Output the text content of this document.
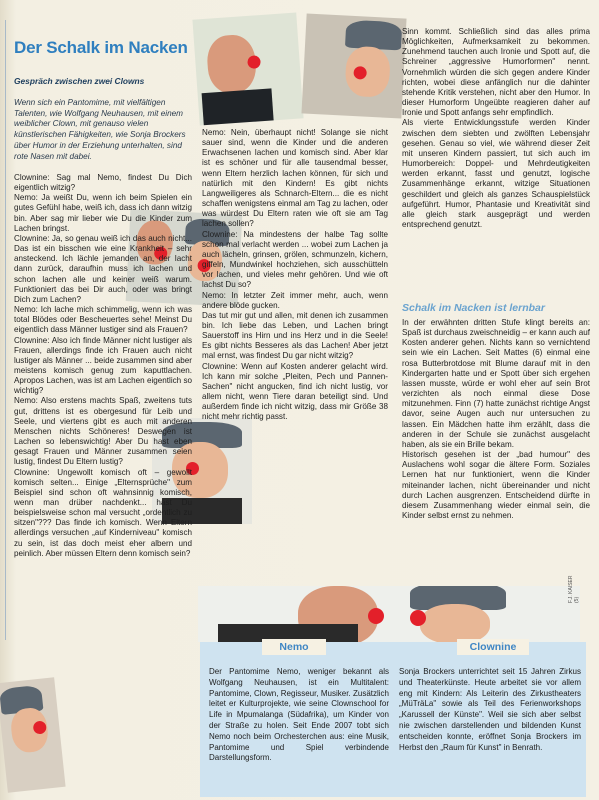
Der Schalk im Nacken
Gespräch zwischen zwei Clowns
Wenn sich ein Pantomime, mit vielfältigen Talenten, wie Wolfgang Neuhausen, mit einem weiblicher Clown, mit genauso vielen künstlerischen Fähigkeiten, wie Sonja Brockers über Humor in der Erziehung unterhalten, sind rote Nasen mit dabei.
Clownine: Sag mal Nemo, findest Du Dich eigentlich witzig?
Nemo: Ja weißt Du, wenn ich beim Spielen ein gutes Gefühl habe, weiß ich, dass ich dann witzig bin. Aber sag mir lieber wie Du die Kinder zum Lachen bringst.
Clownine: Ja, so genau weiß ich das auch nicht... Das ist ein bisschen wie eine Krankheit – sehr ansteckend. Ich lächle jemanden an, der lacht dann zurück, daraufhin muss ich lachen und schon lachen alle und keiner weiß warum. Funktioniert das bei Dir auch, oder was bringt Dich zum Lachen?
Nemo: Ich lache mich schimmelig, wenn ich was total Blödes oder Bescheuertes sehe! Meinst Du eigentlich dass Männer lustiger sind als Frauen?
Clownine: Also ich finde Männer nicht lustiger als Frauen, allerdings finde ich Frauen auch nicht lustiger als Männer ... beide zusammen sind aber meistens komisch genug zum kaputtlachen. Apropos Lachen, was ist am Lachen eigentlich so wichtig?
Nemo: Also erstens machts Spaß, zweitens tuts gut, drittens ist es obergesund für Leib und Seele, und viertens gibt es auch mit anderen Menschen nichts Schöneres! Deswegen ist Lachen so lebenswichtig! Aber Du hast eben gesagt Frauen und Männer zusammen seien lustig, findest Du Eltern lustig?
Clownine: Ungewollt komisch oft – gewollt komisch selten... Einige „Elternsprüche" zum Beispiel sind schon oft wahnsinnig komisch, wenn man drüber nachdenkt... hast Du beispielsweise schon mal versucht „ordentlich zu sitzen"??? Das finde ich komisch. Wenn Eltern allerdings versuchen „auf Kinderniveau" komisch zu sein, ist das doch meist eher albern und peinlich. Aber müssen Eltern denn komisch sein?
Nemo: Nein, überhaupt nicht! Solange sie nicht sauer sind, wenn die Kinder und die anderen Erwachsenen lachen und komisch sind. Aber klar ist es schöner und für alle tausendmal besser, wenn Eltern herzlich lachen können, für sich und natürlich mit den Kindern! Es gibt nichts Langweiligeres als Schnarch-Eltern... die es nicht schaffen wenigstens einmal am Tag zu lachen, oder was würdest Du Eltern raten wie oft sie am Tag lachen sollen?
Clownine: Na mindestens der halbe Tag sollte schon mal verlacht werden ... wobei zum Lachen ja auch lächeln, grinsen, grölen, schmunzeln, kichern, giffeln, Mundwinkel hochziehen, sich ausschütteln vor lachen, und vieles mehr gehören. Und wie oft lachst Du so?
Nemo: In letzter Zeit immer mehr, auch, wenn andere blöde gucken.
Das tut mir gut und allen, mit denen ich zusammen bin. Ich liebe das Leben, und Lachen bringt Sauerstoff ins Hirn und ins Herz und in die Seele! Es gibt nichts Besseres als das Lachen! Aber jetzt mal ernst, was findest Du gar nicht witzig?
Clownine: Wenn auf Kosten anderer gelacht wird. Ich kann mir solche „Pleiten, Pech und Pannen-Sachen" nicht angucken, find ich nicht lustig, vor allem nicht, wenn Tiere daran beteiligt sind. Und außerdem finde ich nicht witzig, dass mir Größe 38 nicht mehr richtig passt.
Sinn kommt. Schließlich sind das alles prima Möglichkeiten, Aufmerksamkeit zu bekommen. Zunehmend tauchen auch Ironie und Spott auf, die Schreiner „aggressive Humorformen" nennt. Vornehmlich würden die sich gegen andere Kinder richten, wobei diese anfänglich nur die dahinter stehende Kritik verstehen, nicht aber den Humor. In dieser Humorform Ungeübte reagieren daher auf Ironie und Spott anfangs sehr empfindlich.
Als vierte Entwicklungsstufe werden Kinder zwischen dem siebten und zwölften Lebensjahr gesehen. Genau so viel, wie während dieser Zeit mit unseren Kindern passiert, tut sich auch im Humorbereich: Doppel- und Mehrdeutigkeiten werden erkannt, fasst und genutzt, logische Zusammenhänge erkannt, witzige Situationen geschildert und gleich als ganzes Schauspielstück aufgeführt. Humor, Phantasie und Kreativität sind alle gleich stark ausgeprägt und werden entsprechend genutzt.
Schalk im Nacken ist lernbar
In der erwähnten dritten Stufe klingt bereits an: Spaß ist durchaus zweischneidig – er kann auch auf Kosten anderer gehen. Nichts kann so vernichtend sein wie ein Lachen. Seit Mattes (6) einmal eine rosa Butterbrotdose mit Blume darauf mit in den Kindergarten hatte und er Spott über sich ergehen lassen musste, würde er wohl eher auf sein Brot verzichten als noch einmal diese Dose mitzunehmen. Finn (7) hatte zunächst richtige Angst davor, seine Augen auch nur untersuchen zu lassen. Ein Mädchen hatte ihm erzählt, dass die anderen in der Schule sie zunächst ausgelacht haben, als sie ein Brille bekam.
Historisch gesehen ist der „bad humour" des Auslachens wohl sogar die ältere Form. Soziales Lernen hat nur funktioniert, wenn die Kinder miteinander lachen, nicht übereinander und nicht durch Lachen ausgrenzen. Entscheidend dürfte in diesem Zusammenhang wieder einmal sein, die Kinder selbst ernst zu nehmen.
Nemo	Clownine
Der Pantomime Nemo, weniger bekannt als Wolfgang Neuhausen, ist ein Multitalent: Pantomime, Clown, Regisseur, Musiker. Zusätzlich leitet er Kulturprojekte, wie seine Clownschool for Life in Mpumalanga (Südafrika), um Kinder von der Straße zu holen. Seit Ende 2007 tobt sich Nemo noch beim Orchesterchen aus: eine Musik, Pantomime und Spiel verbindende Darstellungsform.
Sonja Brockers unterrichtet seit 15 Jahren Zirkus und Theaterkünste. Heute arbeitet sie vor allem eng mit Kindern: Als Leiterin des Zirkustheaters „MüTräLa" sowie als Teil des Ferienworkshops „Karussell der Künste". Weil sie sich aber selbst nie zwischen darstellenden und bildenden Kunst entscheiden konnte, eröffnet Sonja Brockers im Herbst den „Raum für Kunst" in Benrath.
F.J. KAISER (5)
